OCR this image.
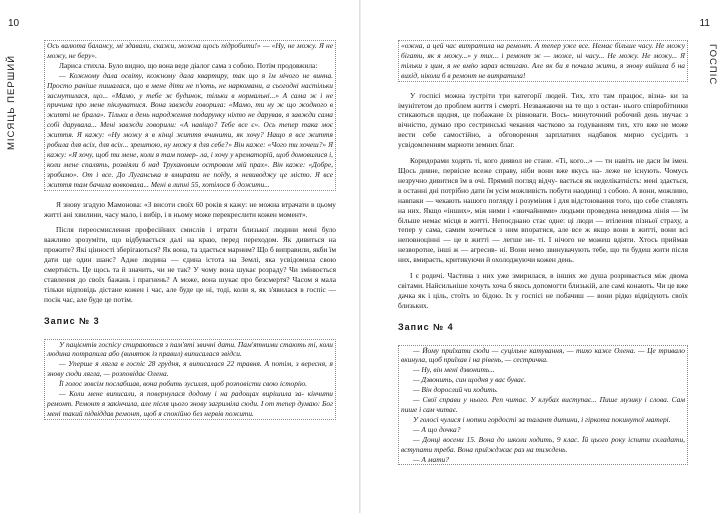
10
МІСЯЦЬ ПЕРШИЙ

Ось валюта балансу, мі здавали, скажи, можна щось підробити!» — «Ну, не можу. Я не можу, не беру».

Лариса стихла. Було видно, що вона веде діалог сама з собою. Потім продовжила:

— Кожному дала освіту, кожному дала квартиру, так що я їм нічого не винна. Просто раніше пишалася, що в мене діти не п'ють, не наркомани, а сьогодні настільки засмутилася, що... «Мамо, у тебе ж будинок, тільки в нормальні...» А сама ж і не причина про мене піклуватися. Вона завжди говорила: «Мамо, ти ну ж що жодного в житті не брала». Тільки в день народження подарунку ніхто не дарував, я завжди сама собі дарувала... Мені завжди говорили: «А навіщо? Тебе все є». Ось тепер така моє життя. Я кажу: «Ну можу я в кінці життя вчинити, як хочу? Нащо я все життя робила для всіх, для всіх... зрештою, ну можу я для себе?» Він каже: «Чого ти хочеш?» Я кажу: «Я хочу, щоб ти мене, коли я там помер- ла, і хочу у крематорій, щоб домовилися і, коли мене спалять, розвіяли б над Трухановим островом мій прах». Він каже: «Добре, зробимо». От і все. До Луганська я вмирати не поїду, я невиводжу це місто. Я все життя там бачила вовковала... Мені в липні 55, хотілося б дожити...

Я знову згадую Мамонова: «З висоти своїх 60 років я кажу: не можна втрачати в цьому житті ані хвилини, часу мало, і вибір, і в ньому може перекреслити кожен момент».

Після переосмислення професійних смислів і втрати близької людини мені було важливо зрозуміти, що відбувається далі на краю, перед переходом. Як дивиться на прожите? Які цінності зберігаються? Як вона, та здається марним? Що б виправили, якби їм дати ще один шанс? Адже людина — єдина істота на Землі, яка усвідомила свою смертність. Це щось та й значить, чи не так? У чому вона шукає розраду? Чи змінюється ставлення до своїх бажань і прагнень? А може, вона шукає про безсмертя? Часом я мала тільки відповідь дістане кожен і час, але буде це ні, тоді, коли я, як з'явилася в госпіс — посік час, але буде це потім.

Запис № 3

У пацієнтів госпісу стираються з пам'яті звичні дати. Пам'ятними стають ті, коли людина потрапила або (виняток із правил) виписалася звідси.

— Уперше я лягла в госпіс 28 грудня, я виписалася 22 травня. А потім, з вересня, я знову сюди лягла, — розповідає Олена.

Її голос зовсім послабшав, вона робить зусилля, щоб розповісти свою історію.

— Коли мене виписали, я повернулася додому і на радощах вирішила за- кінчити ремонт. Ремонт я закінчила, але після цього знову загриміла сюди. І от тепер думаю: Бог мені такий підвіддав ремонт, щоб я спокійно без нервів пожити.

11
ГОСПІС

«ожна, а цей час витратила на ремонт. А тепер уже все. Немає більше часу. Не можу бігати, як я можу...» у тих... і ремонт ж — може, ні часу... Не можу. Не можу... Я тільки з цим, я не вмію зараз встигаю. Але як би я почала жити, я знову вийшла б на вихід, ніколи б в ремонт не витратила!

У госпісі можна зустріти три категорії людей. Тих, хто там працює, візна- ки за імунітетом до проблем життя і смерті. Незважаючи на те що з остан- нього співробітники стикаються щодня, це побажане їх рівноваги. Вось- минуточний робочий день звучає з вічністю, думаю про сестринські чекання частково за годуванням тих, хто вже не може вести себе самостійно, а обговорення зарплатних надбавок мирно сусідить з усвідомленням марноти земних благ.

Коридорами ходять ті, кого диявол не стане. «Ті, кого...» — ти навіть не даси їм імен. Щось дивне, первісне всеже справу, ніби вони вже якусь на- леже не існують. Чомусь незручно дивитися їм в очі. Прямий погляд відчу- вається як неделікатність: мені здається, в останні дні потрібно дати їм усім можливість побути наодинці з собою. А вони, можливо, навпаки — чекають нашого погляду і розуміння і для відстоювання того, що себе ставлять на них. Якщо «інших», між ними і «звичайними» людьми проведена невидима лінія — їм більше немає місця в житті. Непоєднано стає одне: ці люди — втілення пізньої страху, а тепер у сама, самим хочеться з ним впоратися, але все ж якщо вони в житті, вони всі неповноцінні — це в житті — легше не- ті. І нічого не можеш вдіяти. Хтось приймав незворотне, інші ж — агресив- ні. Вони немо звинувачують тебе, що ти будеш жити після них, вмираєть, критикуючи й охолоджуючи кожен день.

І є родичі. Частина з них уже змирилася, в інших же душа розривається між двома світами. Найсильніше хочуть хоча б якось допомогти близькій, але самі конають. Чи це вже дачка як і ціль, стоїть зо бідою. Іх у госпісі не побачиш — вони рідко відвідують своїх близьких.

Запис № 4

— Йому приїхати сюди — суцільне катування, — тихо каже Олена. — Це тривало вкинула, щоб приїхав і на рівень, — сестричка.

— Ну, він мені дзвонить...

— Дзвонить, син щодня у вас буває.

— Він дорослий чи ходить.

— Свої справи у нього. Реп читає. У клубах виступає... Пише музику і слова. Сам пише і сам читає.

У голосі чулися і нотки гордості за талант дитини, і гіркота покинутої матері.

— А що дочка?

— Донці восени 15. Вона до школи ходить, 9 клас. Їй цього року іспити складати, вступати треба. Вона приїжджає раз на тиждень.

— А мати?
